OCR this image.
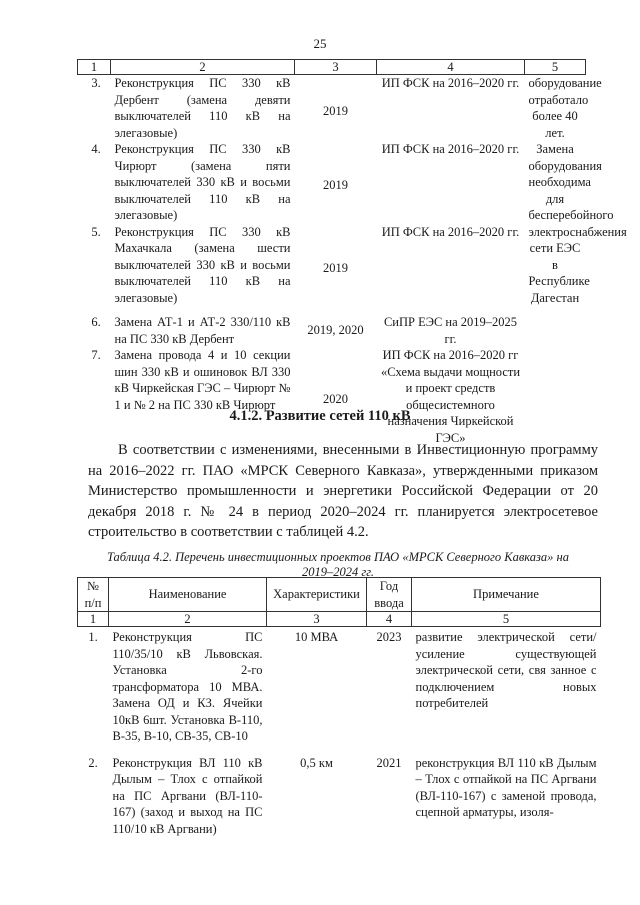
25
1	2	3	4	5
3.	Реконструкция ПС 330 кВ Дербент (замена девяти выключателей 110 кВ на элегазовые)	2019	ИП ФСК на 2016–2020 гг.	оборудование отработало более 40 лет. Замена оборудования необходима для бесперебойного электроснабжения сети ЕЭС в Республике Дагестан
4.	Реконструкция ПС 330 кВ Чирюрт (замена пяти выключателей 330 кВ и восьми выключателей 110 кВ на элегазовые)	2019	ИП ФСК на 2016–2020 гг.	
5.	Реконструкция ПС 330 кВ Махачкала (замена шести выключателей 330 кВ и восьми выключателей 110 кВ на элегазовые)	2019	ИП ФСК на 2016–2020 гг.	
6.	Замена АТ-1 и АТ-2 330/110 кВ на ПС 330 кВ Дербент	2019, 2020	СиПР ЕЭС на 2019–2025 гг.	
7.	Замена провода 4 и 10 секции шин 330 кВ и ошиновок ВЛ 330 кВ Чиркейская ГЭС – Чирюрт № 1 и № 2 на ПС 330 кВ Чирюрт	2020	ИП ФСК на 2016–2020 гг «Схема выдачи мощности и проект средств общесистемного назначения Чиркейской ГЭС»	
4.1.2. Развитие сетей 110 кВ

В соответствии с изменениями, внесенными в Инвестиционную программу на 2016–2022 гг. ПАО «МРСК Северного Кавказа», утвержденными приказом Министерство промышленности и энергетики Российской Федерации от 20 декабря 2018 г. № 24 в период 2020–2024 гг. планируется электросетевое строительство в соответствии с таблицей 4.2.

Таблица 4.2. Перечень инвестиционных проектов ПАО «МРСК Северного Кавказа» на 2019–2024 гг.
№ п/п	Наименование	Характеристики	Год ввода	Примечание
1	2	3	4	5
1.	Реконструкция ПС 110/35/10 кВ Львовская. Установка 2-го трансформатора 10 МВА. Замена ОД и КЗ. Ячейки 10кВ 6шт. Установка В-110, В-35, В-10, СВ-35, СВ-10	10 МВА	2023	развитие электрической сети/усиление существующей электрической сети, свя занное с подключением новых потребителей
2.	Реконструкция ВЛ 110 кВ Дылым – Тлох с отпайкой на ПС Аргвани (ВЛ-110-167) (заход и выход на ПС 110/10 кВ Аргвани)	0,5 км	2021	реконструкция ВЛ 110 кВ Дылым – Тлох с отпайкой на ПС Аргвани (ВЛ-110-167) с заменой провода, сцепной арматуры, изоля-
